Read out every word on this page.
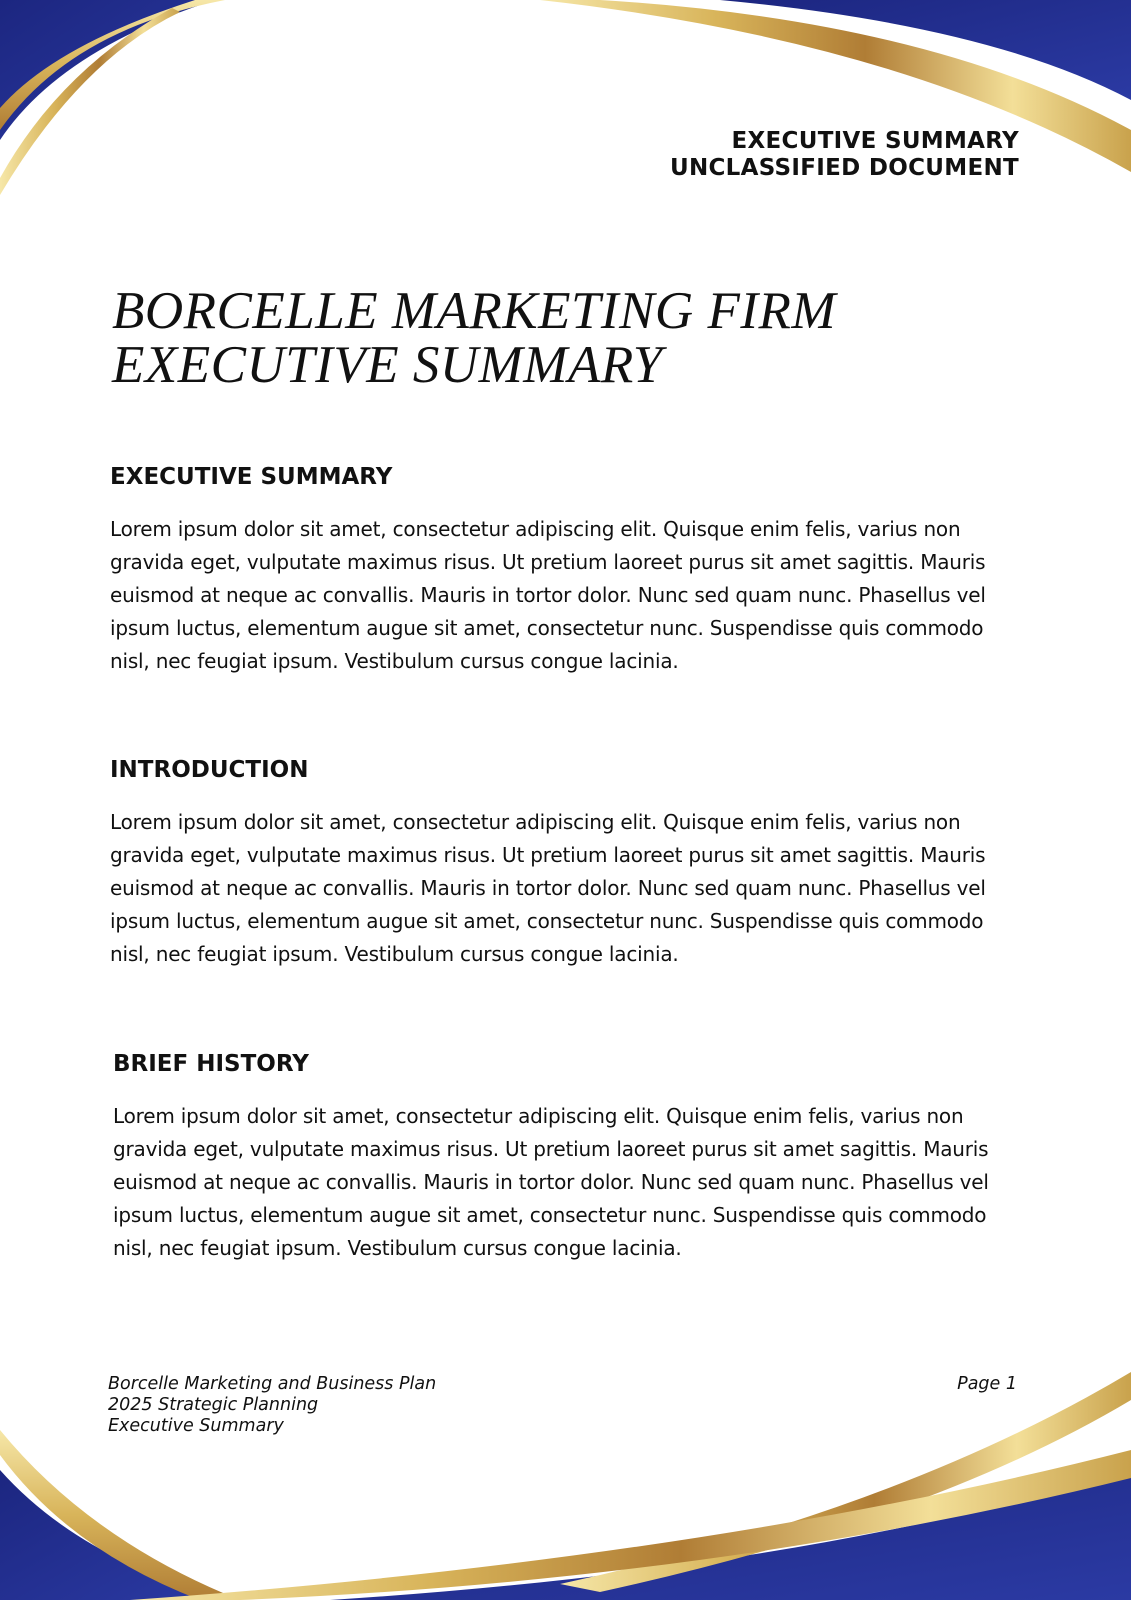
EXECUTIVE SUMMARY
UNCLASSIFIED DOCUMENT
BORCELLE MARKETING FIRM
EXECUTIVE SUMMARY
EXECUTIVE SUMMARY

Lorem ipsum dolor sit amet, consectetur adipiscing elit. Quisque enim felis, varius non gravida eget, vulputate maximus risus. Ut pretium laoreet purus sit amet sagittis. Mauris euismod at neque ac convallis. Mauris in tortor dolor. Nunc sed quam nunc. Phasellus vel ipsum luctus, elementum augue sit amet, consectetur nunc. Suspendisse quis commodo nisl, nec feugiat ipsum. Vestibulum cursus congue lacinia.

INTRODUCTION

Lorem ipsum dolor sit amet, consectetur adipiscing elit. Quisque enim felis, varius non gravida eget, vulputate maximus risus. Ut pretium laoreet purus sit amet sagittis. Mauris euismod at neque ac convallis. Mauris in tortor dolor. Nunc sed quam nunc. Phasellus vel ipsum luctus, elementum augue sit amet, consectetur nunc. Suspendisse quis commodo nisl, nec feugiat ipsum. Vestibulum cursus congue lacinia.

BRIEF HISTORY

Lorem ipsum dolor sit amet, consectetur adipiscing elit. Quisque enim felis, varius non gravida eget, vulputate maximus risus. Ut pretium laoreet purus sit amet sagittis. Mauris euismod at neque ac convallis. Mauris in tortor dolor. Nunc sed quam nunc. Phasellus vel ipsum luctus, elementum augue sit amet, consectetur nunc. Suspendisse quis commodo nisl, nec feugiat ipsum. Vestibulum cursus congue lacinia.

Borcelle Marketing and Business Plan
2025 Strategic Planning
Executive Summary
Page 1
